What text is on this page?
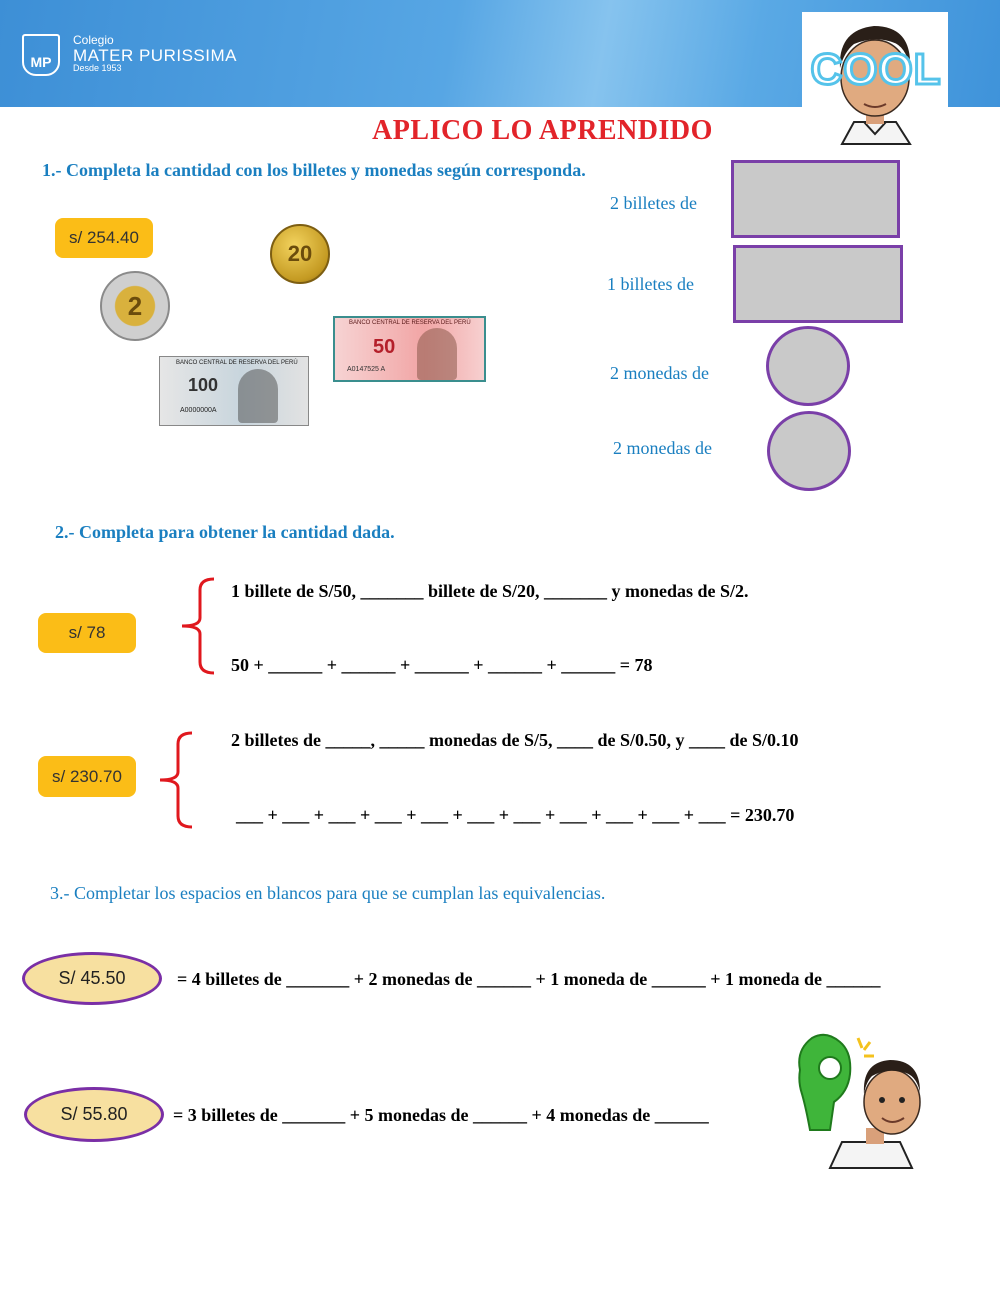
MP
Colegio
MATER PURISSIMA
Desde 1953	COOL
APLICO LO APRENDIDO
1.- Completa la cantidad con los billetes y monedas según corresponda.
s/ 254.40
20
2
BANCO CENTRAL DE RESERVA DEL PERÚ
50
A0147525 A
BANCO CENTRAL DE RESERVA DEL PERÚ
100
A0000000A
2 billetes de
1 billetes de
2 monedas de
2 monedas de
2.- Completa para obtener la cantidad dada.
s/ 78
1 billete de S/50, _______ billete de S/20, _______ y monedas de S/2.
50 + ______ + ______ + ______ + ______ + ______ = 78
s/ 230.70
2 billetes de _____, _____ monedas de S/5, ____ de S/0.50, y ____ de S/0.10
___ + ___ + ___ + ___ + ___ + ___ + ___ + ___ + ___ + ___ + ___ = 230.70
3.- Completar los espacios en blancos para que se cumplan las equivalencias.
S/ 45.50	= 4 billetes de _______ + 2 monedas de ______ + 1 moneda de ______ + 1 moneda de ______
S/ 55.80	= 3 billetes de _______ + 5 monedas de ______ + 4 monedas de ______
